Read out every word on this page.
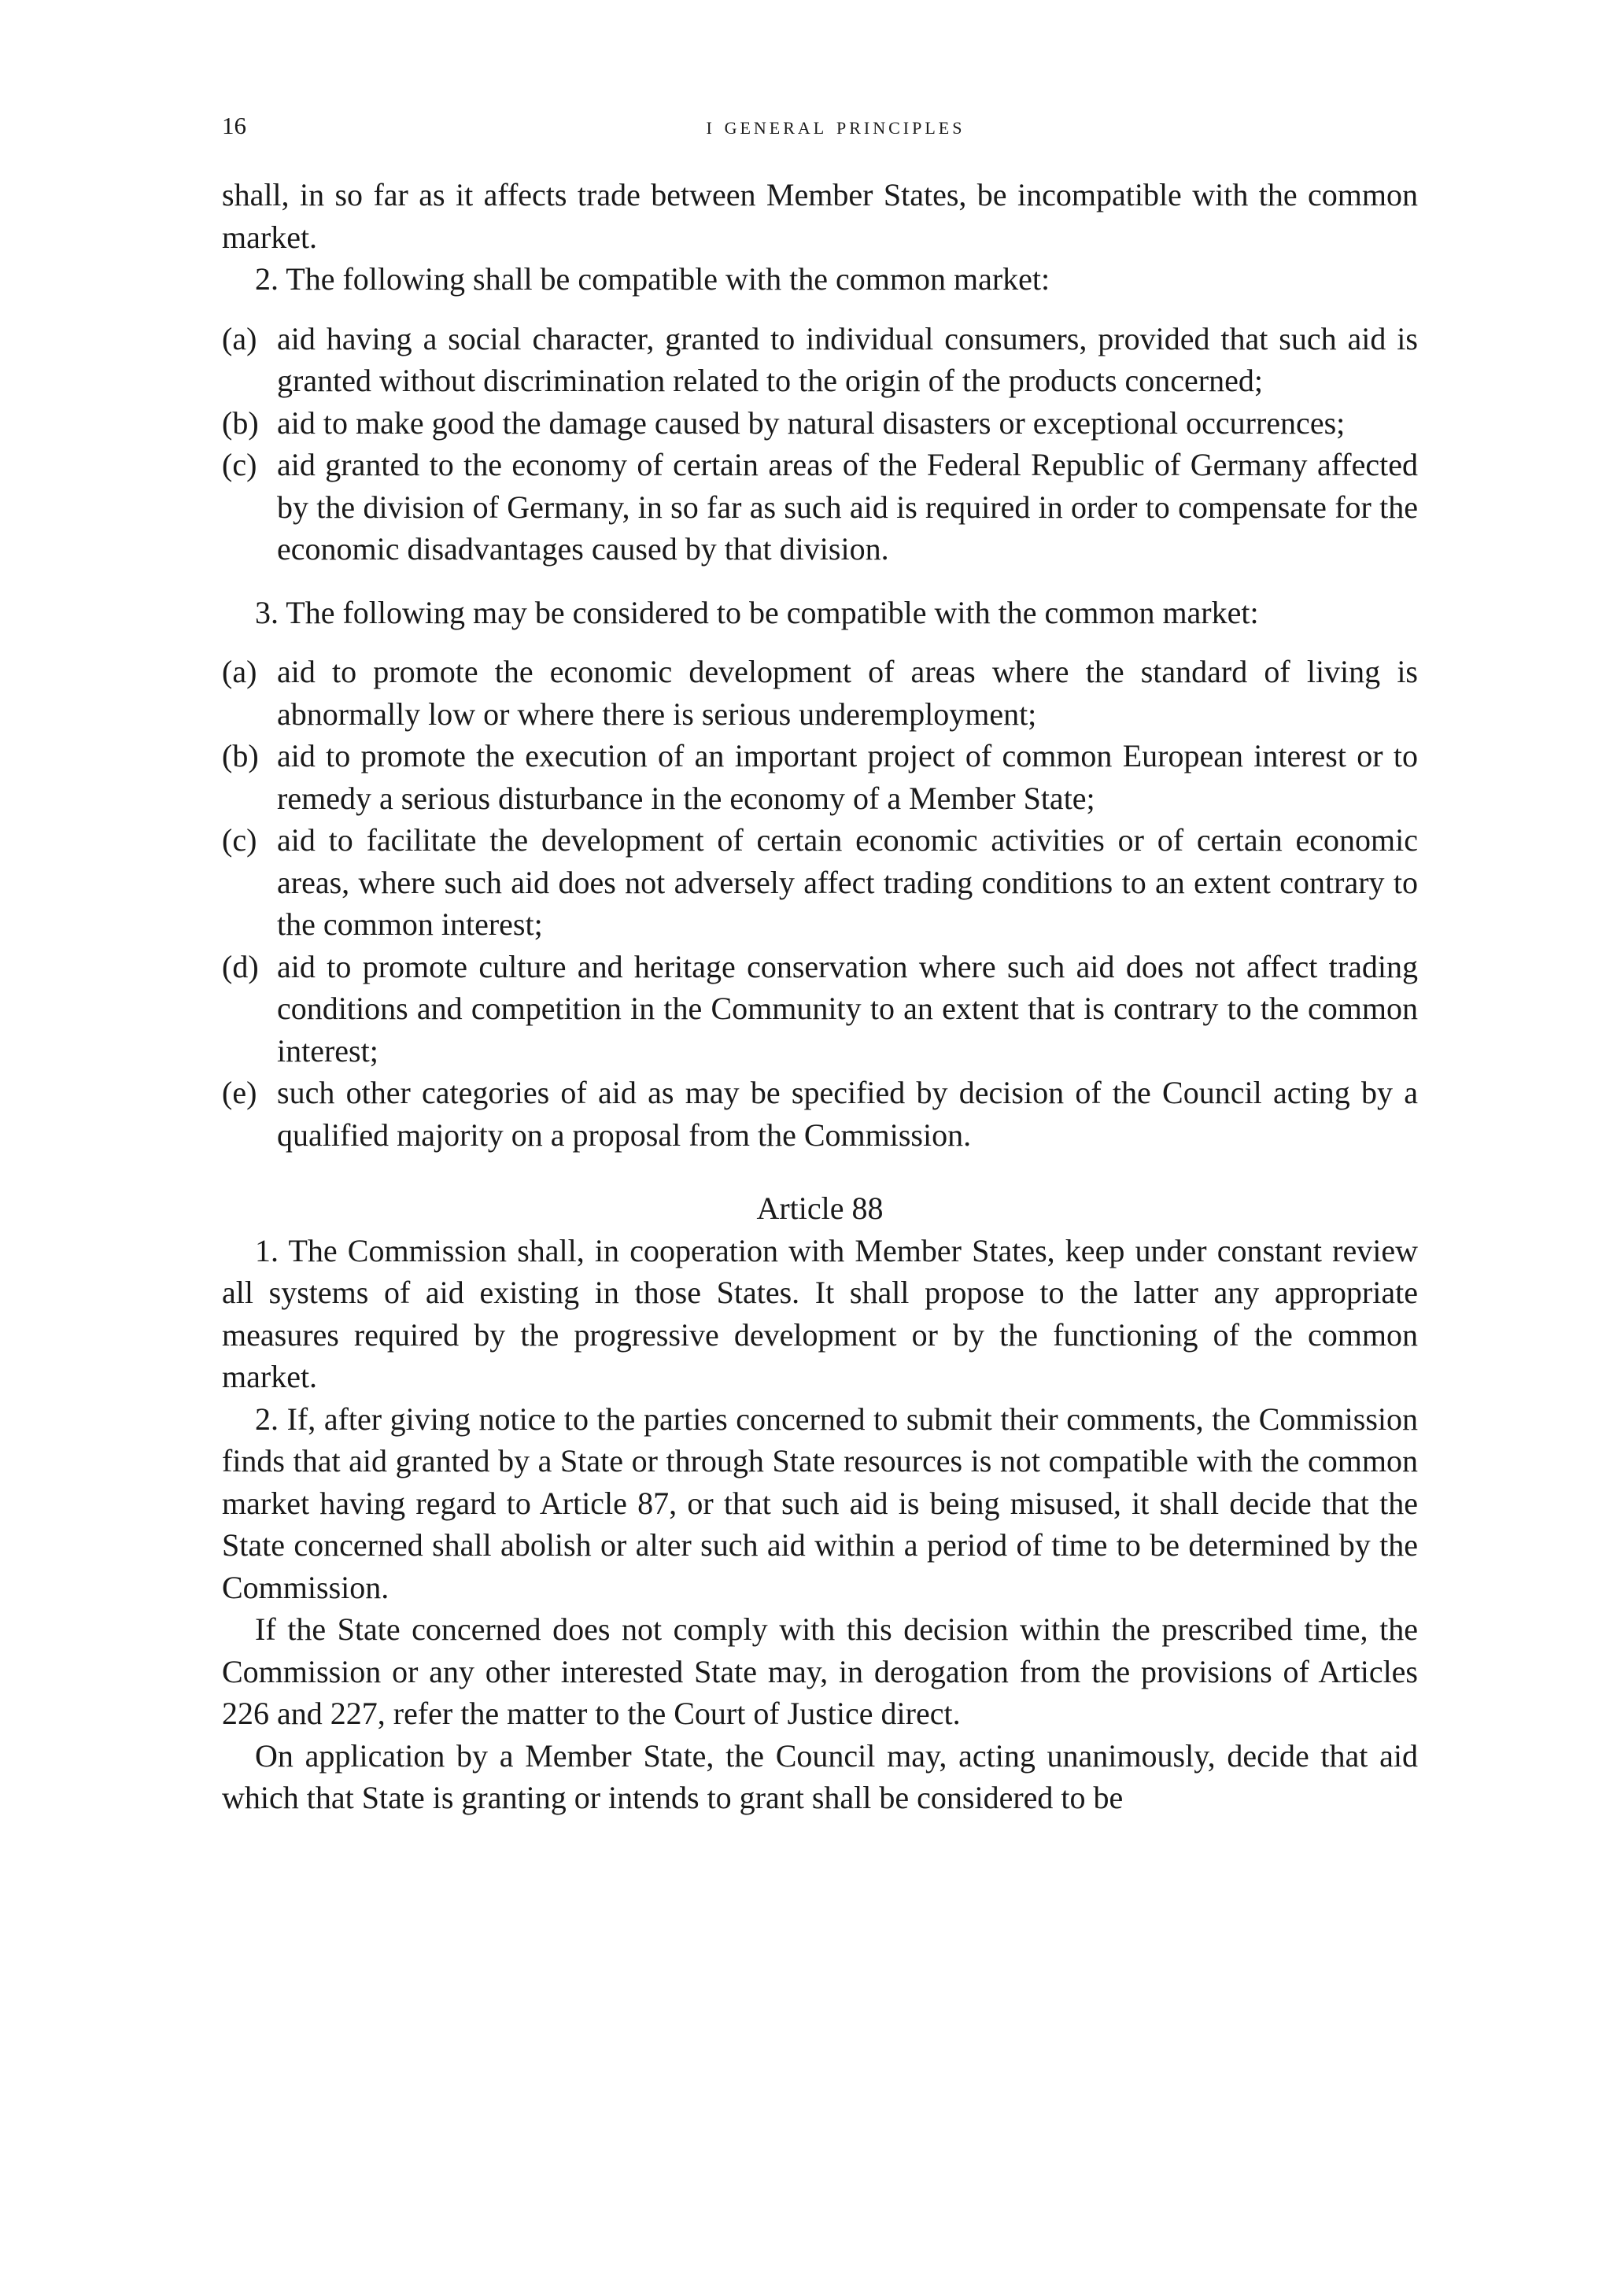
16	i general principles

shall, in so far as it affects trade between Member States, be incompatible with the common market.

2. The following shall be compatible with the common market:

(a) aid having a social character, granted to individual consumers, provided that such aid is granted without discrimination related to the origin of the products concerned;
(b) aid to make good the damage caused by natural disasters or exceptional occurrences;
(c) aid granted to the economy of certain areas of the Federal Republic of Germany affected by the division of Germany, in so far as such aid is required in order to compensate for the economic disadvantages caused by that division.

3. The following may be considered to be compatible with the common market:

(a) aid to promote the economic development of areas where the standard of living is abnormally low or where there is serious underemployment;
(b) aid to promote the execution of an important project of common European interest or to remedy a serious disturbance in the economy of a Member State;
(c) aid to facilitate the development of certain economic activities or of certain economic areas, where such aid does not adversely affect trading conditions to an extent contrary to the common interest;
(d) aid to promote culture and heritage conservation where such aid does not affect trading conditions and competition in the Community to an extent that is contrary to the common interest;
(e) such other categories of aid as may be specified by decision of the Council acting by a qualified majority on a proposal from the Commission.
Article 88

1. The Commission shall, in cooperation with Member States, keep under constant review all systems of aid existing in those States. It shall propose to the latter any appropriate measures required by the progressive development or by the functioning of the common market.

2. If, after giving notice to the parties concerned to submit their comments, the Commission finds that aid granted by a State or through State resources is not compatible with the common market having regard to Article 87, or that such aid is being misused, it shall decide that the State concerned shall abolish or alter such aid within a period of time to be determined by the Commission.

If the State concerned does not comply with this decision within the prescribed time, the Commission or any other interested State may, in derogation from the provisions of Articles 226 and 227, refer the matter to the Court of Justice direct.

On application by a Member State, the Council may, acting unanimously, decide that aid which that State is granting or intends to grant shall be considered to be
